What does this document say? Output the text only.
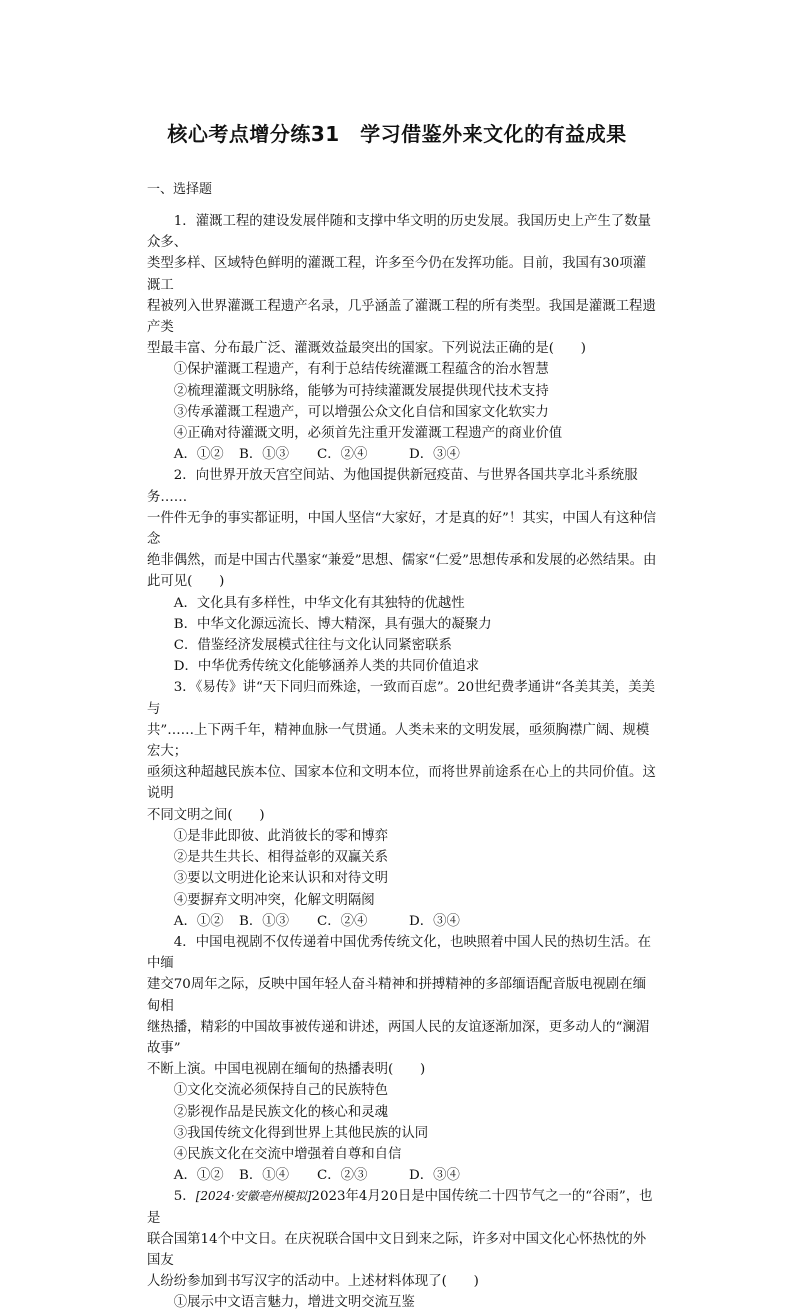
核心考点增分练31　学习借鉴外来文化的有益成果
一、选择题
　　1．灌溉工程的建设发展伴随和支撑中华文明的历史发展。我国历史上产生了数量众多、
类型多样、区域特色鲜明的灌溉工程，许多至今仍在发挥功能。目前，我国有30项灌溉工
程被列入世界灌溉工程遗产名录，几乎涵盖了灌溉工程的所有类型。我国是灌溉工程遗产类
型最丰富、分布最广泛、灌溉效益最突出的国家。下列说法正确的是(　　)
　　①保护灌溉工程遗产，有利于总结传统灌溉工程蕴含的治水智慧
　　②梳理灌溉文明脉络，能够为可持续灌溉发展提供现代技术支持
　　③传承灌溉工程遗产，可以增强公众文化自信和国家文化软实力
　　④正确对待灌溉文明，必须首先注重开发灌溉工程遗产的商业价值
　　A．①②	B．①③	C．②④	D．③④
　　2．向世界开放天宫空间站、为他国提供新冠疫苗、与世界各国共享北斗系统服务……
一件件无争的事实都证明，中国人坚信“大家好，才是真的好”！其实，中国人有这种信念
绝非偶然，而是中国古代墨家“兼爱”思想、儒家“仁爱”思想传承和发展的必然结果。由
此可见(　　)
　　A．文化具有多样性，中华文化有其独特的优越性
　　B．中华文化源远流长、博大精深，具有强大的凝聚力
　　C．借鉴经济发展模式往往与文化认同紧密联系
　　D．中华优秀传统文化能够涵养人类的共同价值追求
　　3．《易传》讲“天下同归而殊途，一致而百虑”。20世纪费孝通讲“各美其美，美美与
共”……上下两千年，精神血脉一气贯通。人类未来的文明发展，亟须胸襟广阔、规模宏大；
亟须这种超越民族本位、国家本位和文明本位，而将世界前途系在心上的共同价值。这说明
不同文明之间(　　)
　　①是非此即彼、此消彼长的零和博弈
　　②是共生共长、相得益彰的双赢关系
　　③要以文明进化论来认识和对待文明
　　④要摒弃文明冲突，化解文明隔阂
　　A．①②	B．①③	C．②④	D．③④
　　4．中国电视剧不仅传递着中国优秀传统文化，也映照着中国人民的热切生活。在中缅
建交70周年之际，反映中国年轻人奋斗精神和拼搏精神的多部缅语配音版电视剧在缅甸相
继热播，精彩的中国故事被传递和讲述，两国人民的友谊逐渐加深，更多动人的“澜湄故事”
不断上演。中国电视剧在缅甸的热播表明(　　)
　　①文化交流必须保持自己的民族特色
　　②影视作品是民族文化的核心和灵魂
　　③我国传统文化得到世界上其他民族的认同
　　④民族文化在交流中增强着自尊和自信
　　A．①②	B．①④	C．②③	D．③④
　　5．[2024·安徽亳州模拟]2023年4月20日是中国传统二十四节气之一的“谷雨”，也是
联合国第14个中文日。在庆祝联合国中文日到来之际，许多对中国文化心怀热忱的外国友
人纷纷参加到书写汉字的活动中。上述材料体现了(　　)
　　①展示中文语言魅力，增进文明交流互鉴
